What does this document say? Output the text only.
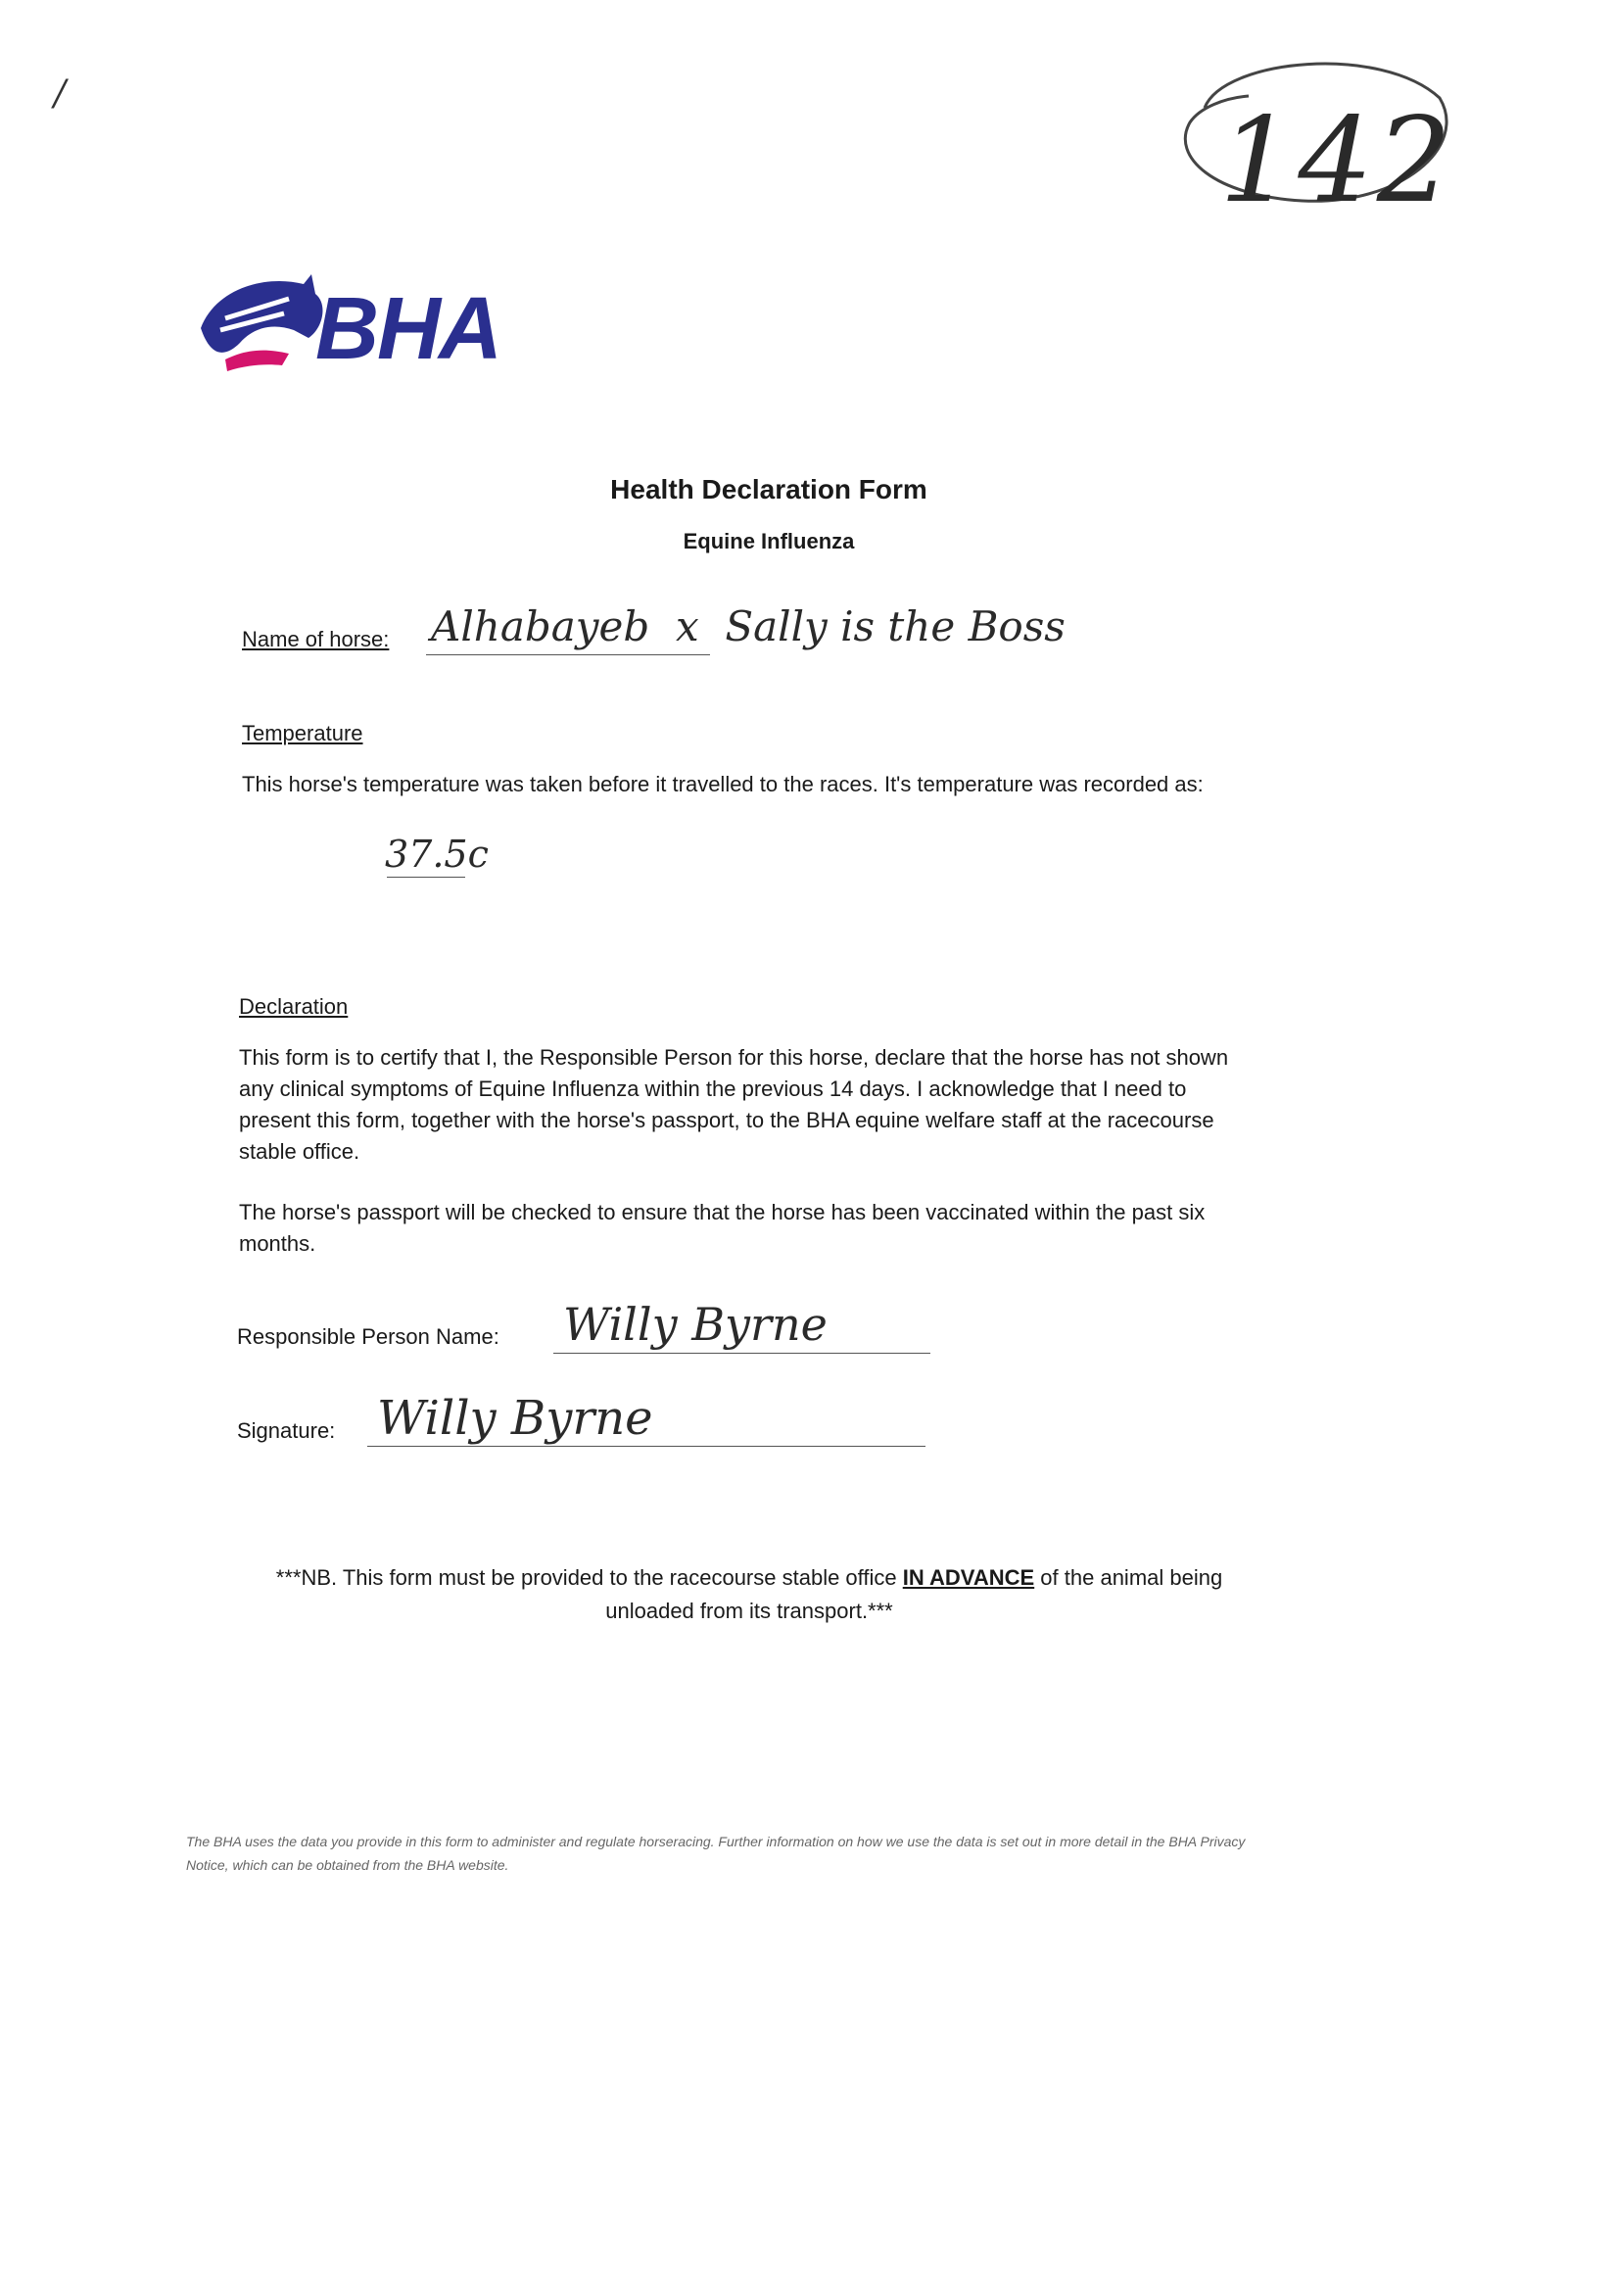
/	142
BHA
Health Declaration Form
Equine Influenza
Name of horse: Alhabayeb  x  Sally is the Boss
Temperature
This horse's temperature was taken before it travelled to the races. It's temperature was recorded as:
37.5c
Declaration
This form is to certify that I, the Responsible Person for this horse, declare that the horse has not shown any clinical symptoms of Equine Influenza within the previous 14 days. I acknowledge that I need to present this form, together with the horse's passport, to the BHA equine welfare staff at the racecourse stable office.
The horse's passport will be checked to ensure that the horse has been vaccinated within the past six months.
Responsible Person Name: Willy Byrne
Signature: Willy Byrne
***NB. This form must be provided to the racecourse stable office IN ADVANCE of the animal being unloaded from its transport.***
The BHA uses the data you provide in this form to administer and regulate horseracing. Further information on how we use the data is set out in more detail in the BHA Privacy Notice, which can be obtained from the BHA website.
